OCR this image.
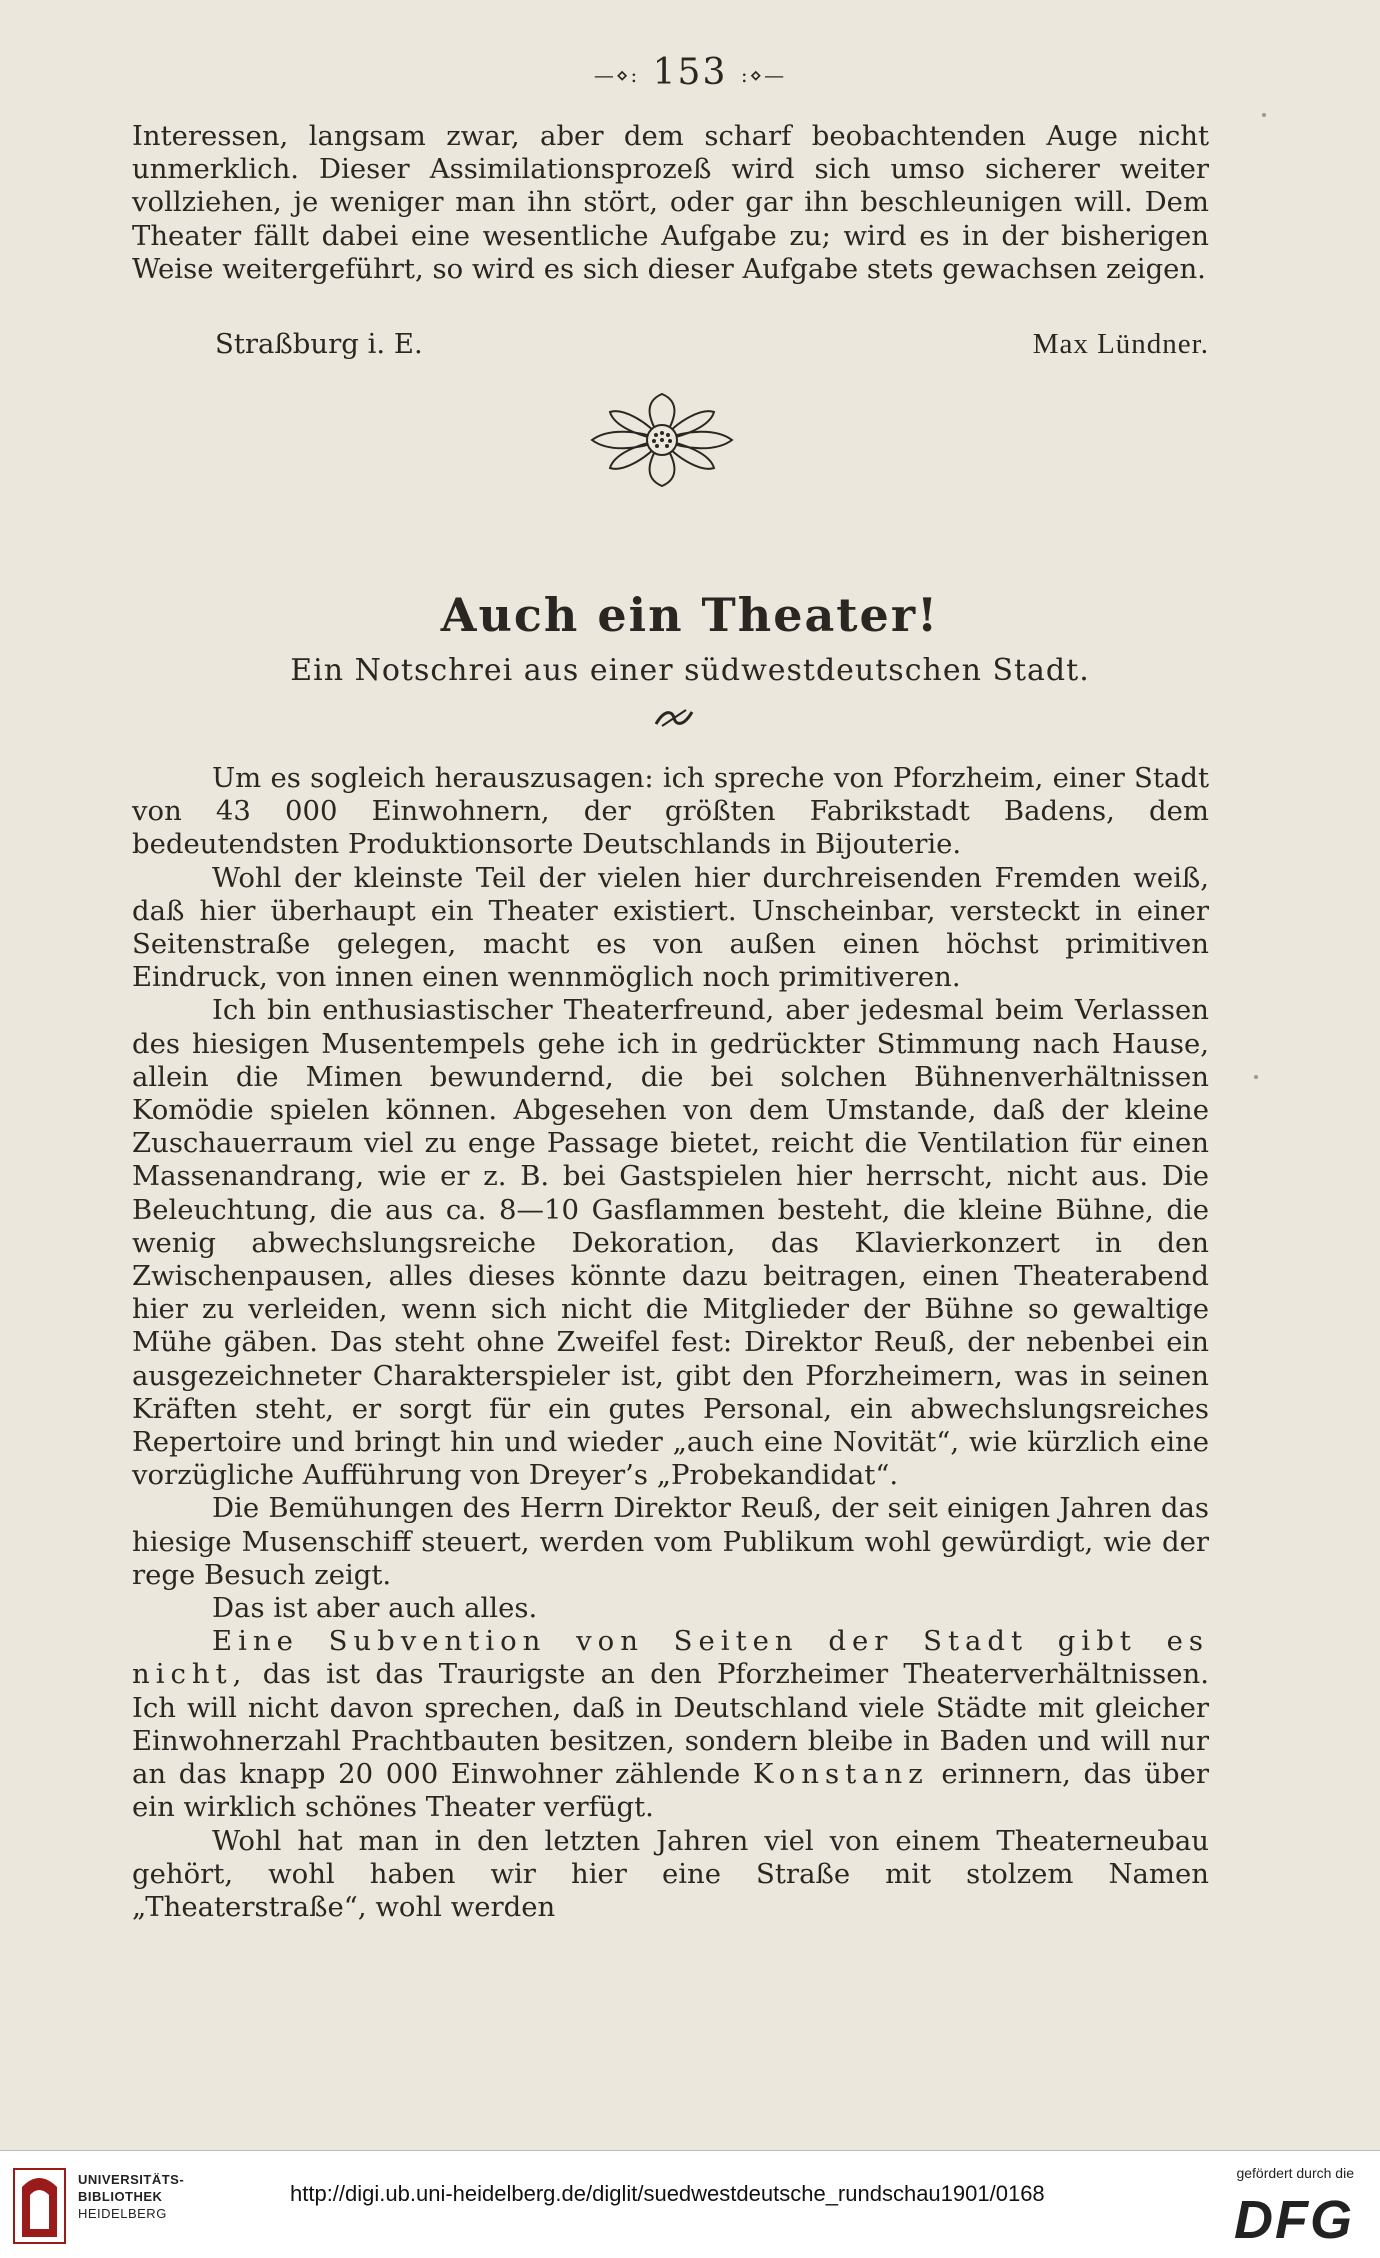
—⋄: 153 :⋄—

Interessen, langsam zwar, aber dem scharf beobachtenden Auge nicht unmerklich. Dieser Assimilationsprozeß wird sich umso sicherer weiter vollziehen, je weniger man ihn stört, oder gar ihn beschleunigen will. Dem Theater fällt dabei eine wesentliche Aufgabe zu; wird es in der bisherigen Weise weitergeführt, so wird es sich dieser Aufgabe stets gewachsen zeigen.

Straßburg i. E.	Max Lündner.
Auch ein Theater!
Ein Notschrei aus einer südwestdeutschen Stadt.

Um es sogleich herauszusagen: ich spreche von Pforzheim, einer Stadt von 43 000 Einwohnern, der größten Fabrikstadt Badens, dem bedeutendsten Produktionsorte Deutschlands in Bijouterie.

Wohl der kleinste Teil der vielen hier durchreisenden Fremden weiß, daß hier überhaupt ein Theater existiert. Unscheinbar, versteckt in einer Seitenstraße gelegen, macht es von außen einen höchst primitiven Eindruck, von innen einen wennmöglich noch primitiveren.

Ich bin enthusiastischer Theaterfreund, aber jedesmal beim Verlassen des hiesigen Musentempels gehe ich in gedrückter Stimmung nach Hause, allein die Mimen bewundernd, die bei solchen Bühnenverhältnissen Komödie spielen können. Abgesehen von dem Umstande, daß der kleine Zuschauerraum viel zu enge Passage bietet, reicht die Ventilation für einen Massenandrang, wie er z. B. bei Gastspielen hier herrscht, nicht aus. Die Beleuchtung, die aus ca. 8—10 Gasflammen besteht, die kleine Bühne, die wenig abwechslungsreiche Dekoration, das Klavierkonzert in den Zwischenpausen, alles dieses könnte dazu beitragen, einen Theaterabend hier zu verleiden, wenn sich nicht die Mitglieder der Bühne so gewaltige Mühe gäben. Das steht ohne Zweifel fest: Direktor Reuß, der nebenbei ein ausgezeichneter Charakterspieler ist, gibt den Pforzheimern, was in seinen Kräften steht, er sorgt für ein gutes Personal, ein abwechslungsreiches Repertoire und bringt hin und wieder „auch eine Novität“, wie kürzlich eine vorzügliche Aufführung von Dreyer’s „Probekandidat“.

Die Bemühungen des Herrn Direktor Reuß, der seit einigen Jahren das hiesige Musenschiff steuert, werden vom Publikum wohl gewürdigt, wie der rege Besuch zeigt.

Das ist aber auch alles.

Eine Subvention von Seiten der Stadt gibt es nicht, das ist das Traurigste an den Pforzheimer Theaterverhältnissen. Ich will nicht davon sprechen, daß in Deutschland viele Städte mit gleicher Einwohnerzahl Prachtbauten besitzen, sondern bleibe in Baden und will nur an das knapp 20 000 Einwohner zählende Konstanz erinnern, das über ein wirklich schönes Theater verfügt.

Wohl hat man in den letzten Jahren viel von einem Theaterneubau gehört, wohl haben wir hier eine Straße mit stolzem Namen „Theaterstraße“, wohl werden

UNIVERSITÄTS-
BIBLIOTHEK
HEIDELBERG
http://digi.ub.uni-heidelberg.de/diglit/suedwestdeutsche_rundschau1901/0168
gefördert durch die
DFG
